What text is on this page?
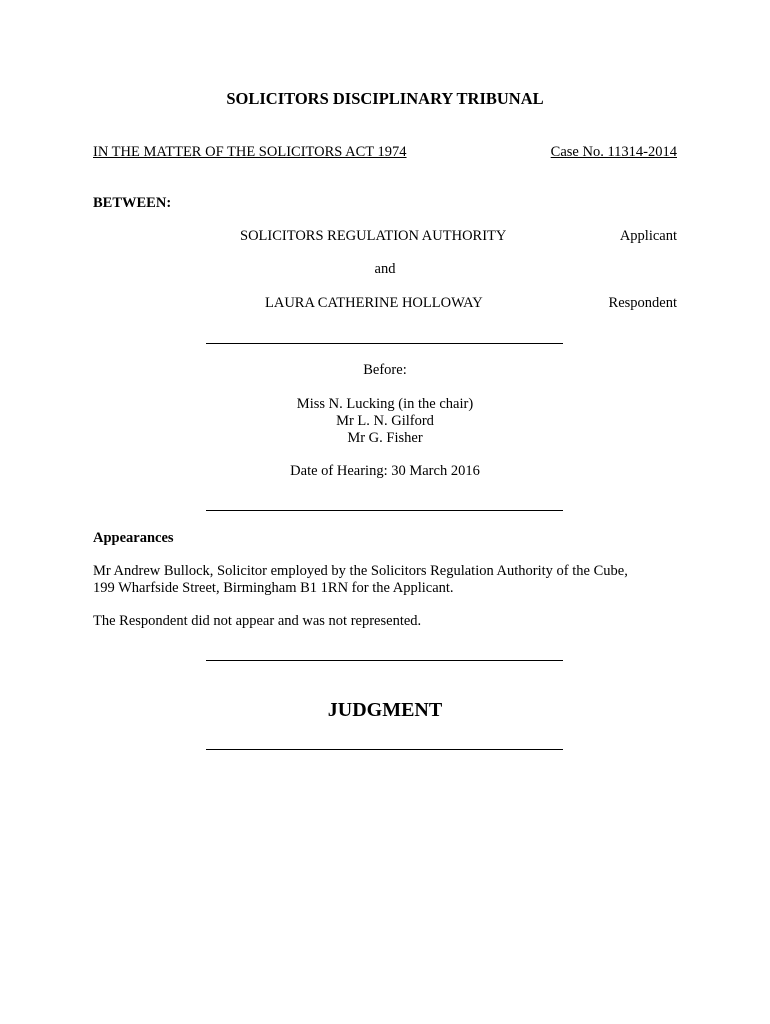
SOLICITORS DISCIPLINARY TRIBUNAL
IN THE MATTER OF THE SOLICITORS ACT 1974	Case No. 11314-2014
BETWEEN:
SOLICITORS REGULATION AUTHORITY	Applicant
and
LAURA CATHERINE HOLLOWAY	Respondent
Before:
Miss N. Lucking (in the chair)
Mr L. N. Gilford
Mr G. Fisher
Date of Hearing: 30 March 2016
Appearances
Mr Andrew Bullock, Solicitor employed by the Solicitors Regulation Authority of the Cube,
199 Wharfside Street, Birmingham B1 1RN for the Applicant.
The Respondent did not appear and was not represented.
JUDGMENT
